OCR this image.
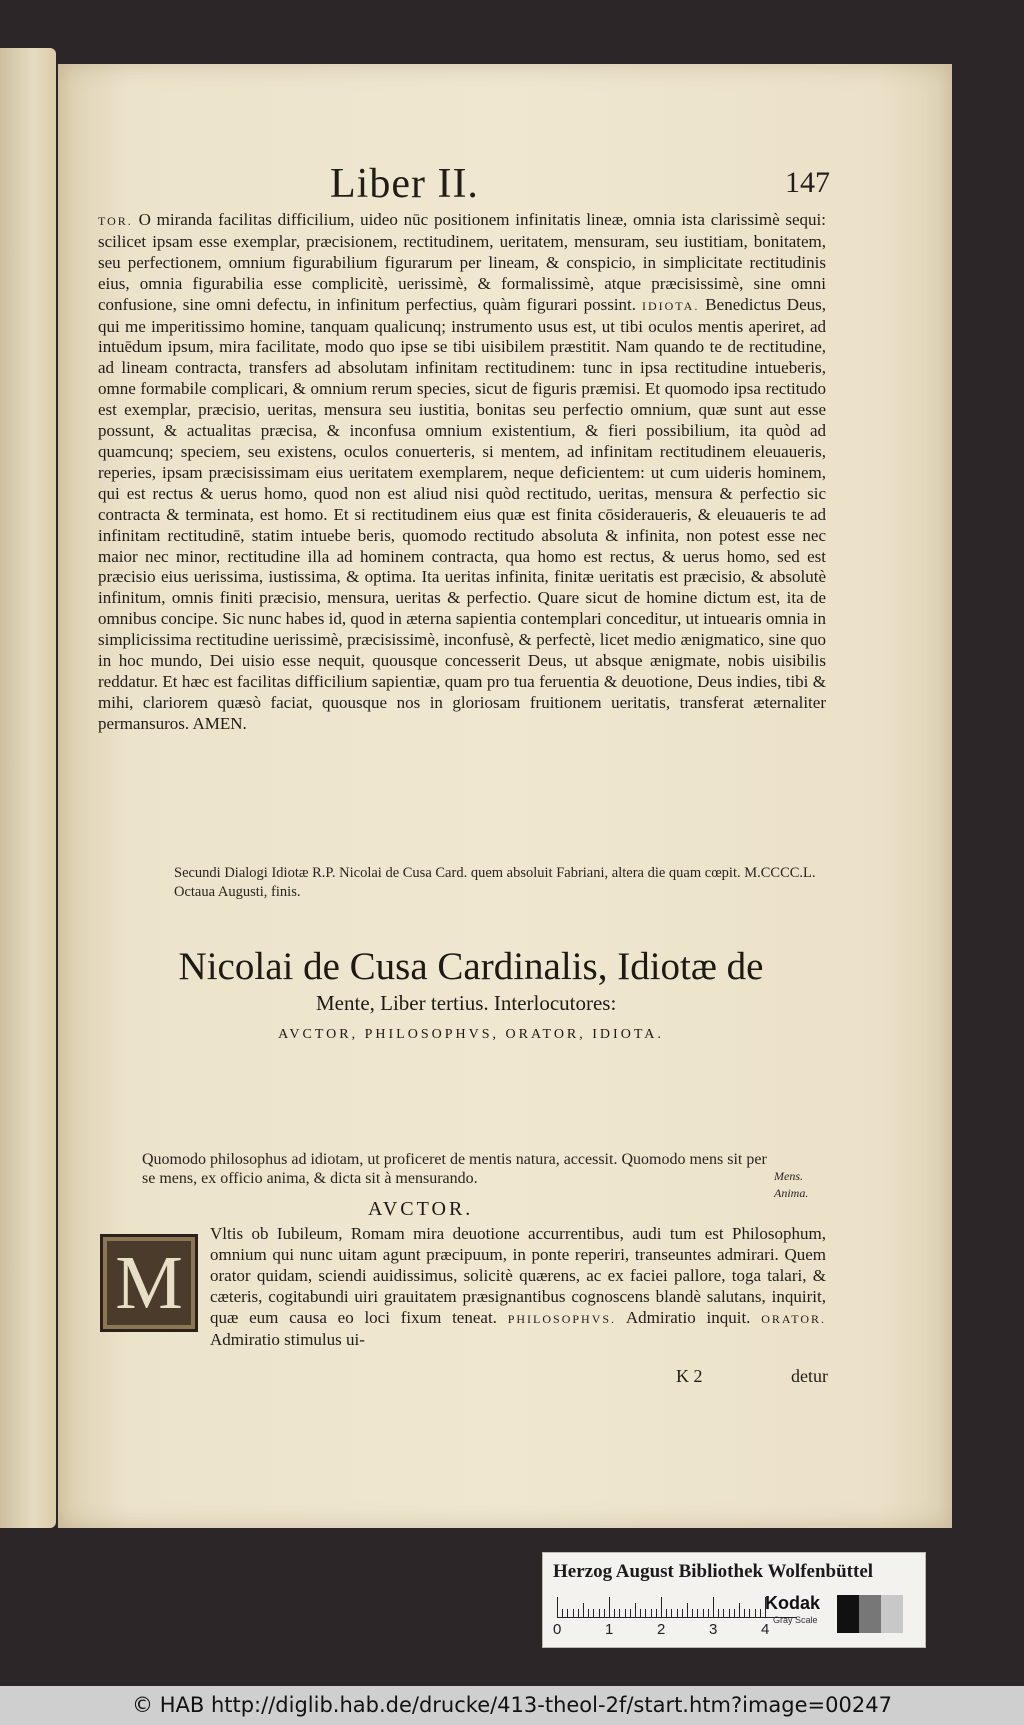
Liber II.	147

TOR. O miranda facilitas difficilium, uideo nūc positionem infinitatis lineæ, omnia ista clarissimè sequi: scilicet ipsam esse exemplar, præcisionem, rectitudinem, ueritatem, mensuram, seu iustitiam, bonitatem, seu perfectionem, omnium figurabilium figurarum per lineam, & conspicio, in simplicitate rectitudinis eius, omnia figurabilia esse complicitè, uerissimè, & formalissimè, atque præcisissimè, sine omni confusione, sine omni defectu, in infinitum perfectius, quàm figurari possint. IDIOTA. Benedictus Deus, qui me imperitissimo homine, tanquam qualicunq; instrumento usus est, ut tibi oculos mentis aperiret, ad intuēdum ipsum, mira facilitate, modo quo ipse se tibi uisibilem præstitit. Nam quando te de rectitudine, ad lineam contracta, transfers ad absolutam infinitam rectitudinem: tunc in ipsa rectitudine intueberis, omne formabile complicari, & omnium rerum species, sicut de figuris præmisi. Et quomodo ipsa rectitudo est exemplar, præcisio, ueritas, mensura seu iustitia, bonitas seu perfectio omnium, quæ sunt aut esse possunt, & actualitas præcisa, & inconfusa omnium existentium, & fieri possibilium, ita quòd ad quamcunq; speciem, seu existens, oculos conuerteris, si mentem, ad infinitam rectitudinem eleuaueris, reperies, ipsam præcisissimam eius ueritatem exemplarem, neque deficientem: ut cum uideris hominem, qui est rectus & uerus homo, quod non est aliud nisi quòd rectitudo, ueritas, mensura & perfectio sic contracta & terminata, est homo. Et si rectitudinem eius quæ est finita cōsideraueris, & eleuaueris te ad infinitam rectitudinē, statim intuebe beris, quomodo rectitudo absoluta & infinita, non potest esse nec maior nec minor, rectitudine illa ad hominem contracta, qua homo est rectus, & uerus homo, sed est præcisio eius uerissima, iustissima, & optima. Ita ueritas infinita, finitæ ueritatis est præcisio, & absolutè infinitum, omnis finiti præcisio, mensura, ueritas & perfectio. Quare sicut de homine dictum est, ita de omnibus concipe. Sic nunc habes id, quod in æterna sapientia contemplari conceditur, ut intuearis omnia in simplicissima rectitudine uerissimè, præcisissimè, inconfusè, & perfectè, licet medio ænigmatico, sine quo in hoc mundo, Dei uisio esse nequit, quousque concesserit Deus, ut absque ænigmate, nobis uisibilis reddatur. Et hæc est facilitas difficilium sapientiæ, quam pro tua feruentia & deuotione, Deus indies, tibi & mihi, clariorem quæsò faciat, quousque nos in gloriosam fruitionem ueritatis, transferat æternaliter permansuros. AMEN.

Secundi Dialogi Idiotæ R.P. Nicolai de Cusa Card. quem absoluit Fabriani, altera die quam cœpit. M.CCCC.L. Octaua Augusti, finis.

Nicolai de Cusa Cardinalis, Idiotæ de
Mente, Liber tertius. Interlocutores:
AVCTOR, PHILOSOPHVS, ORATOR, IDIOTA.

Quomodo philosophus ad idiotam, ut proficeret de mentis natura, accessit. Quomodo mens sit per se mens, ex officio anima, & dicta sit à mensurando.	Mens.
Anima.
AVCTOR.
M

Vltis ob Iubileum, Romam mira deuotione accurrentibus, audi tum est Philosophum, omnium qui nunc uitam agunt præcipuum, in ponte reperiri, transeuntes admirari. Quem orator quidam, sciendi auidissimus, solicitè quærens, ac ex faciei pallore, toga talari, & cæteris, cogitabundi uiri grauitatem præsignantibus cognoscens blandè salutans, inquirit, quæ eum causa eo loci fixum teneat. PHILOSOPHVS. Admiratio inquit. ORATOR. Admiratio stimulus ui-

K 2	detur
Herzog August Bibliothek Wolfenbüttel
0	1	2	3	4
Kodak
Gray Scale
© HAB http://diglib.hab.de/drucke/413-theol-2f/start.htm?image=00247
